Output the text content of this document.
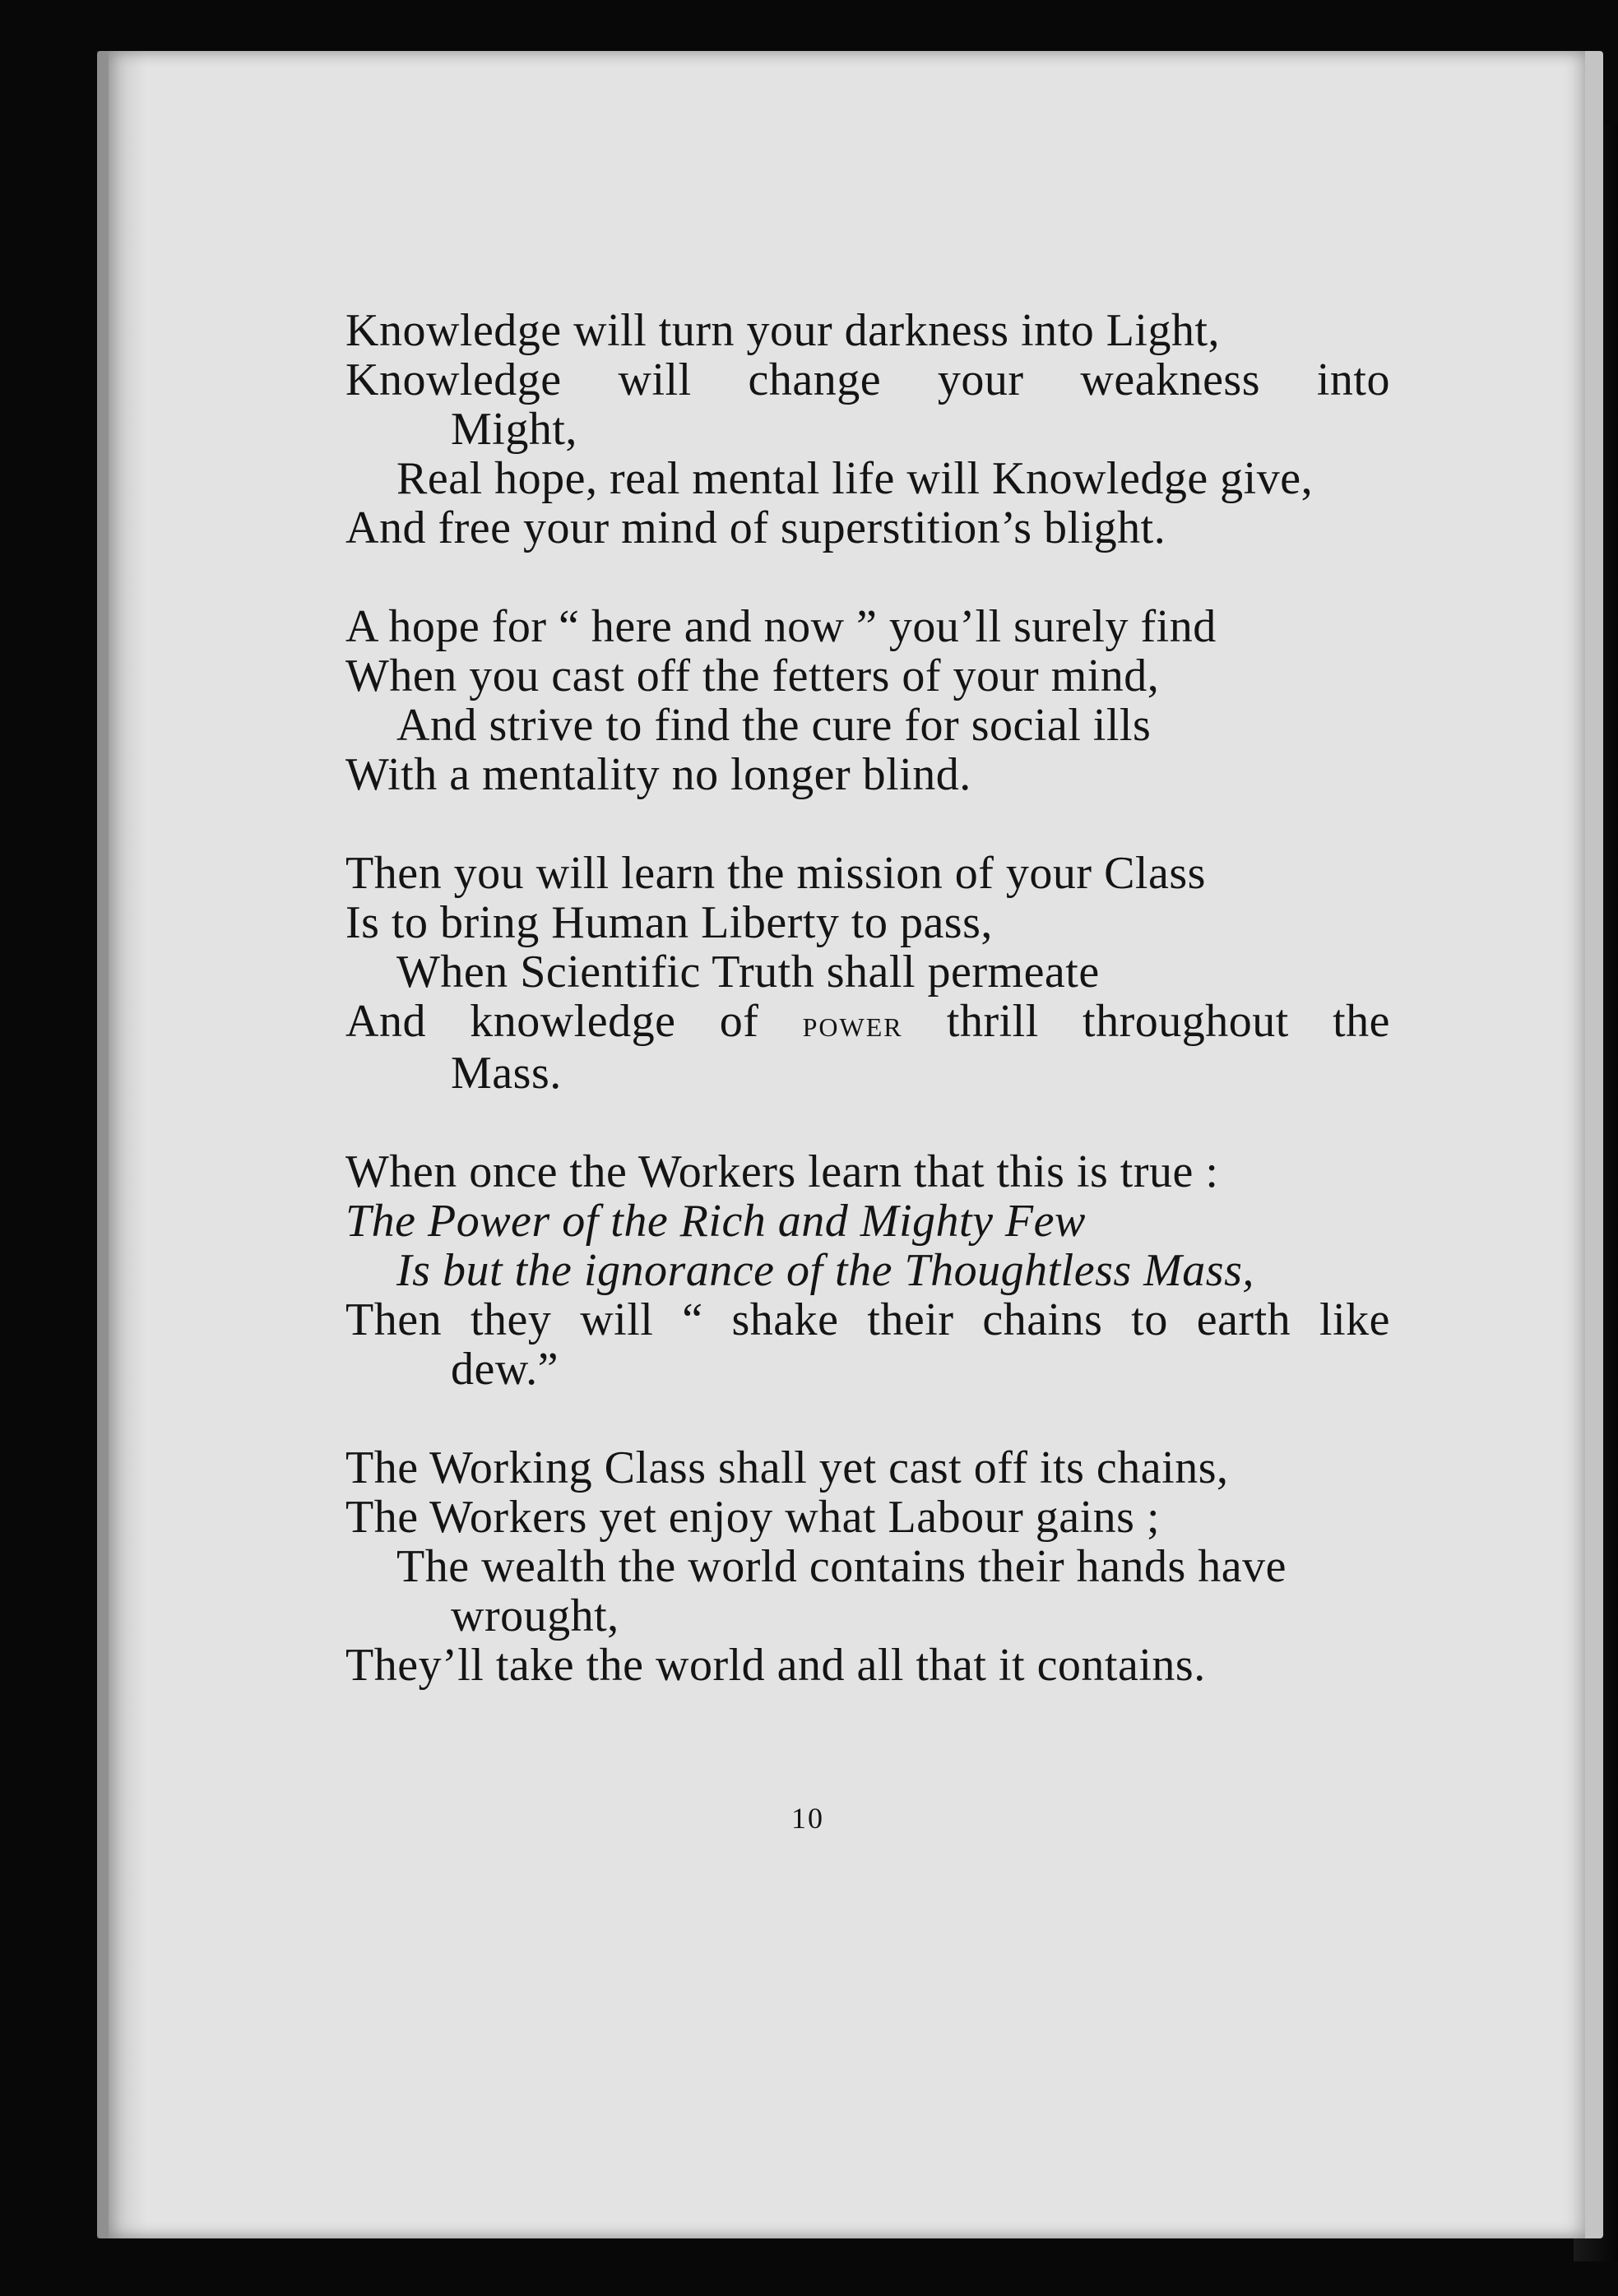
Knowledge will turn your darkness into Light,
Knowledge will change your weakness into
Might,
Real hope, real mental life will Knowledge give,
And free your mind of superstition’s blight.
A hope for “ here and now ” you’ll surely find
When you cast off the fetters of your mind,
And strive to find the cure for social ills
With a mentality no longer blind.
Then you will learn the mission of your Class
Is to bring Human Liberty to pass,
When Scientific Truth shall permeate
And knowledge of power thrill throughout the
Mass.
When once the Workers learn that this is true :
The Power of the Rich and Mighty Few
Is but the ignorance of the Thoughtless Mass,
Then they will “ shake their chains to earth like
dew.”
The Working Class shall yet cast off its chains,
The Workers yet enjoy what Labour gains ;
The wealth the world contains their hands have
wrought,
They’ll take the world and all that it contains.
10
